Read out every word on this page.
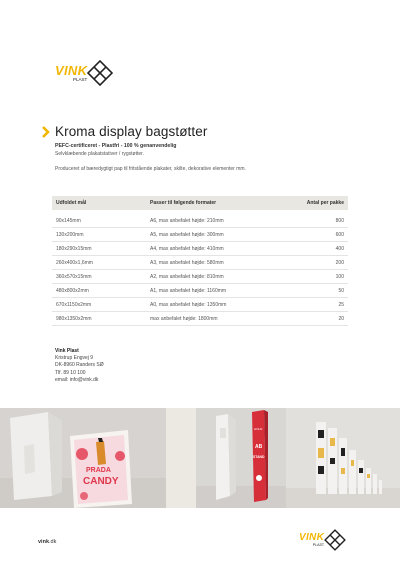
VINK
PLAST
Kroma display bagstøtter
PEFC-certificeret - Plastfri - 100 % genanvendelig
Selvklæbende plakatstativer / rygstøtter.
Produceret af bæredygtigt pap til fritstående plakater, skilte, dekorative elementer mm.
Udfoldet mål	Passer til følgende formater	Antal per pakke
90x145mm	A6, max anbefalet højde: 210mm	800
130x200mm	A5, max anbefalet højde: 300mm	600
180x290x15mm	A4, max anbefalet højde: 410mm	400
260x400x1,6mm	A3, max anbefalet højde: 580mm	200
360x570x15mm	A2, max anbefalet højde: 810mm	100
480x800x2mm	A1, max anbefalet højde: 1160mm	50
670x1150x2mm	A0, max anbefalet højde: 1350mm	25
980x1350x2mm	max anbefalet højde: 1800mm	20
Vink Plast
Kristrup Engvej 9
DK-8960 Randers SØ
Tlf. 89 10 100
email: info@vink.dk
PRADA
CANDY
HOLD
AB
STAND
vink.dk	VINK
PLAST
